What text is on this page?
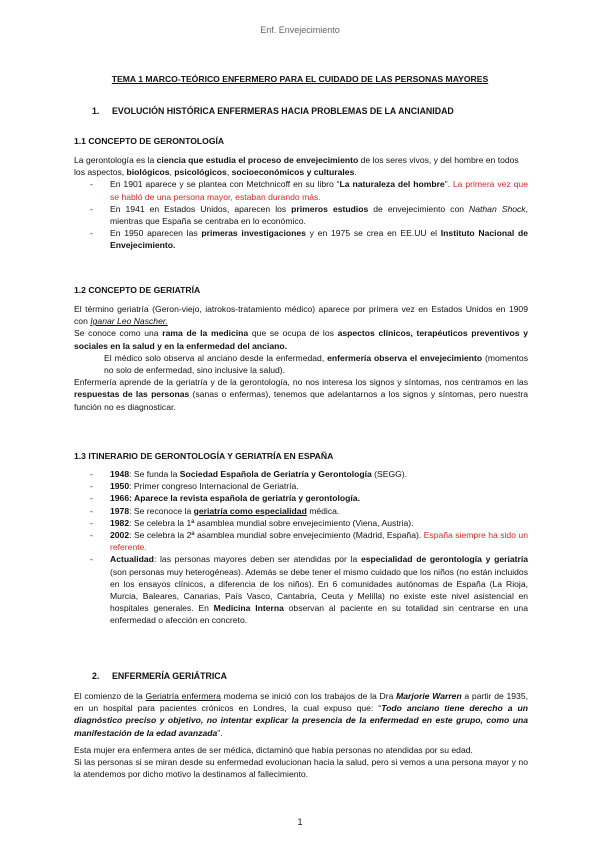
Enf. Envejecimiento
TEMA 1 MARCO-TEÓRICO ENFERMERO PARA EL CUIDADO DE LAS PERSONAS MAYORES
1. EVOLUCIÓN HISTÓRICA ENFERMERAS HACIA PROBLEMAS DE LA ANCIANIDAD
1.1 CONCEPTO DE GERONTOLOGÍA

La gerontología es la ciencia que estudia el proceso de envejecimiento de los seres vivos, y del hombre en todos los aspectos, biológicos, psicológicos, socioeconómicos y culturales.

- En 1901 aparece y se plantea con Metchnicoff en su libro “La naturaleza del hombre”. La primera vez que se habló de una persona mayor, estaban durando más.
- En 1941 en Estados Unidos, aparecen los primeros estudios de envejecimiento con Nathan Shock, mientras que España se centraba en lo económico.
- En 1950 aparecen las primeras investigaciones y en 1975 se crea en EE.UU el Instituto Nacional de Envejecimiento.
1.2 CONCEPTO DE GERIATRÍA

El término geriatría (Geron-viejo, iatrokos-tratamiento médico) aparece por primera vez en Estados Unidos en 1909 con Iganar Leo Nascher.

Se conoce como una rama de la medicina que se ocupa de los aspectos clínicos, terapéuticos preventivos y sociales en la salud y en la enfermedad del anciano.

El médico solo observa al anciano desde la enfermedad, enfermería observa el envejecimiento (momentos no solo de enfermedad, sino inclusive la salud).

Enfermería aprende de la geriatría y de la gerontología, no nos interesa los signos y síntomas, nos centramos en las respuestas de las personas (sanas o enfermas), tenemos que adelantarnos a los signos y síntomas, pero nuestra función no es diagnosticar.

1.3 ITINERARIO DE GERONTOLOGÍA Y GERIATRÍA EN ESPAÑA
- 1948: Se funda la Sociedad Española de Geriatría y Gerontología (SEGG).
- 1950: Primer congreso Internacional de Geriatría.
- 1966: Aparece la revista española de geriatría y gerontología.
- 1978: Se reconoce la geriatría como especialidad médica.
- 1982: Se celebra la 1ª asamblea mundial sobre envejecimiento (Viena, Austria).
- 2002: Se celebra la 2ª asamblea mundial sobre envejecimiento (Madrid, España). España siempre ha sido un referente.
- Actualidad: las personas mayores deben ser atendidas por la especialidad de gerontología y geriatría (son personas muy heterogéneas). Además se debe tener el mismo cuidado que los niños (no están incluidos en los ensayos clínicos, a diferencia de los niños). En 6 comunidades autónomas de España (La Rioja, Murcia, Baleares, Canarias, País Vasco, Cantabria, Ceuta y Melilla) no existe este nivel asistencial en hospitales generales. En Medicina Interna observan al paciente en su totalidad sin centrarse en una enfermedad o afección en concreto.
2. ENFERMERÍA GERIÁTRICA

El comienzo de la Geriatría enfermera moderna se inició con los trabajos de la Dra Marjorie Warren a partir de 1935, en un hospital para pacientes crónicos en Londres, la cual expuso que: “Todo anciano tiene derecho a un diagnóstico preciso y objetivo, no intentar explicar la presencia de la enfermedad en este grupo, como una manifestación de la edad avanzada”.

Esta mujer era enfermera antes de ser médica, dictaminó que había personas no atendidas por su edad.

Si las personas si se miran desde su enfermedad evolucionan hacia la salud, pero si vemos a una persona mayor y no la atendemos por dicho motivo la destinamos al fallecimiento.

1
